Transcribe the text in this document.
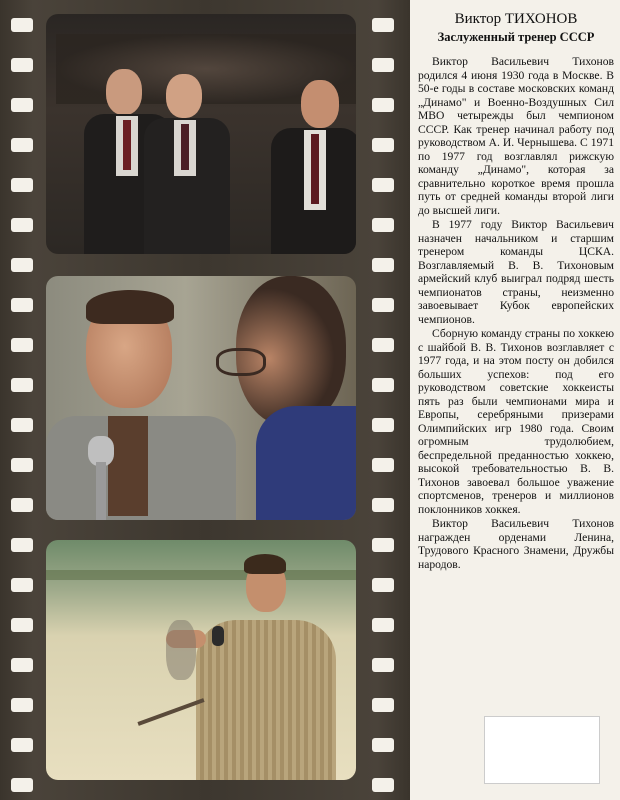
Виктор ТИХОНОВ
Заслуженный тренер СССР

Виктор Васильевич Тихонов родился 4 июня 1930 года в Москве. В 50-е годы в составе московских команд „Динамо" и Военно-Воздушных Сил МВО четырежды был чемпионом СССР. Как тренер начинал работу под руководством А. И. Чернышева. С 1971 по 1977 год возглавлял рижскую команду „Динамо", которая за сравнительно короткое время прошла путь от средней команды второй лиги до высшей лиги.

В 1977 году Виктор Васильевич назначен начальником и старшим тренером команды ЦСКА. Возглавляемый В. В. Тихоновым армейский клуб выиграл подряд шесть чемпионатов страны, неизменно завоевывает Кубок европейских чемпионов.

Сборную команду страны по хоккею с шайбой В. В. Тихонов возглавляет с 1977 года, и на этом посту он добился больших успехов: под его руководством советские хоккеисты пять раз были чемпионами мира и Европы, серебряными призерами Олимпийских игр 1980 года. Своим огромным трудолюбием, беспредельной преданностью хоккею, высокой требовательностью В. В. Тихонов завоевал большое уважение спортсменов, тренеров и миллионов поклонников хоккея.

Виктор Васильевич Тихонов награжден орденами Ленина, Трудового Красного Знамени, Дружбы народов.
